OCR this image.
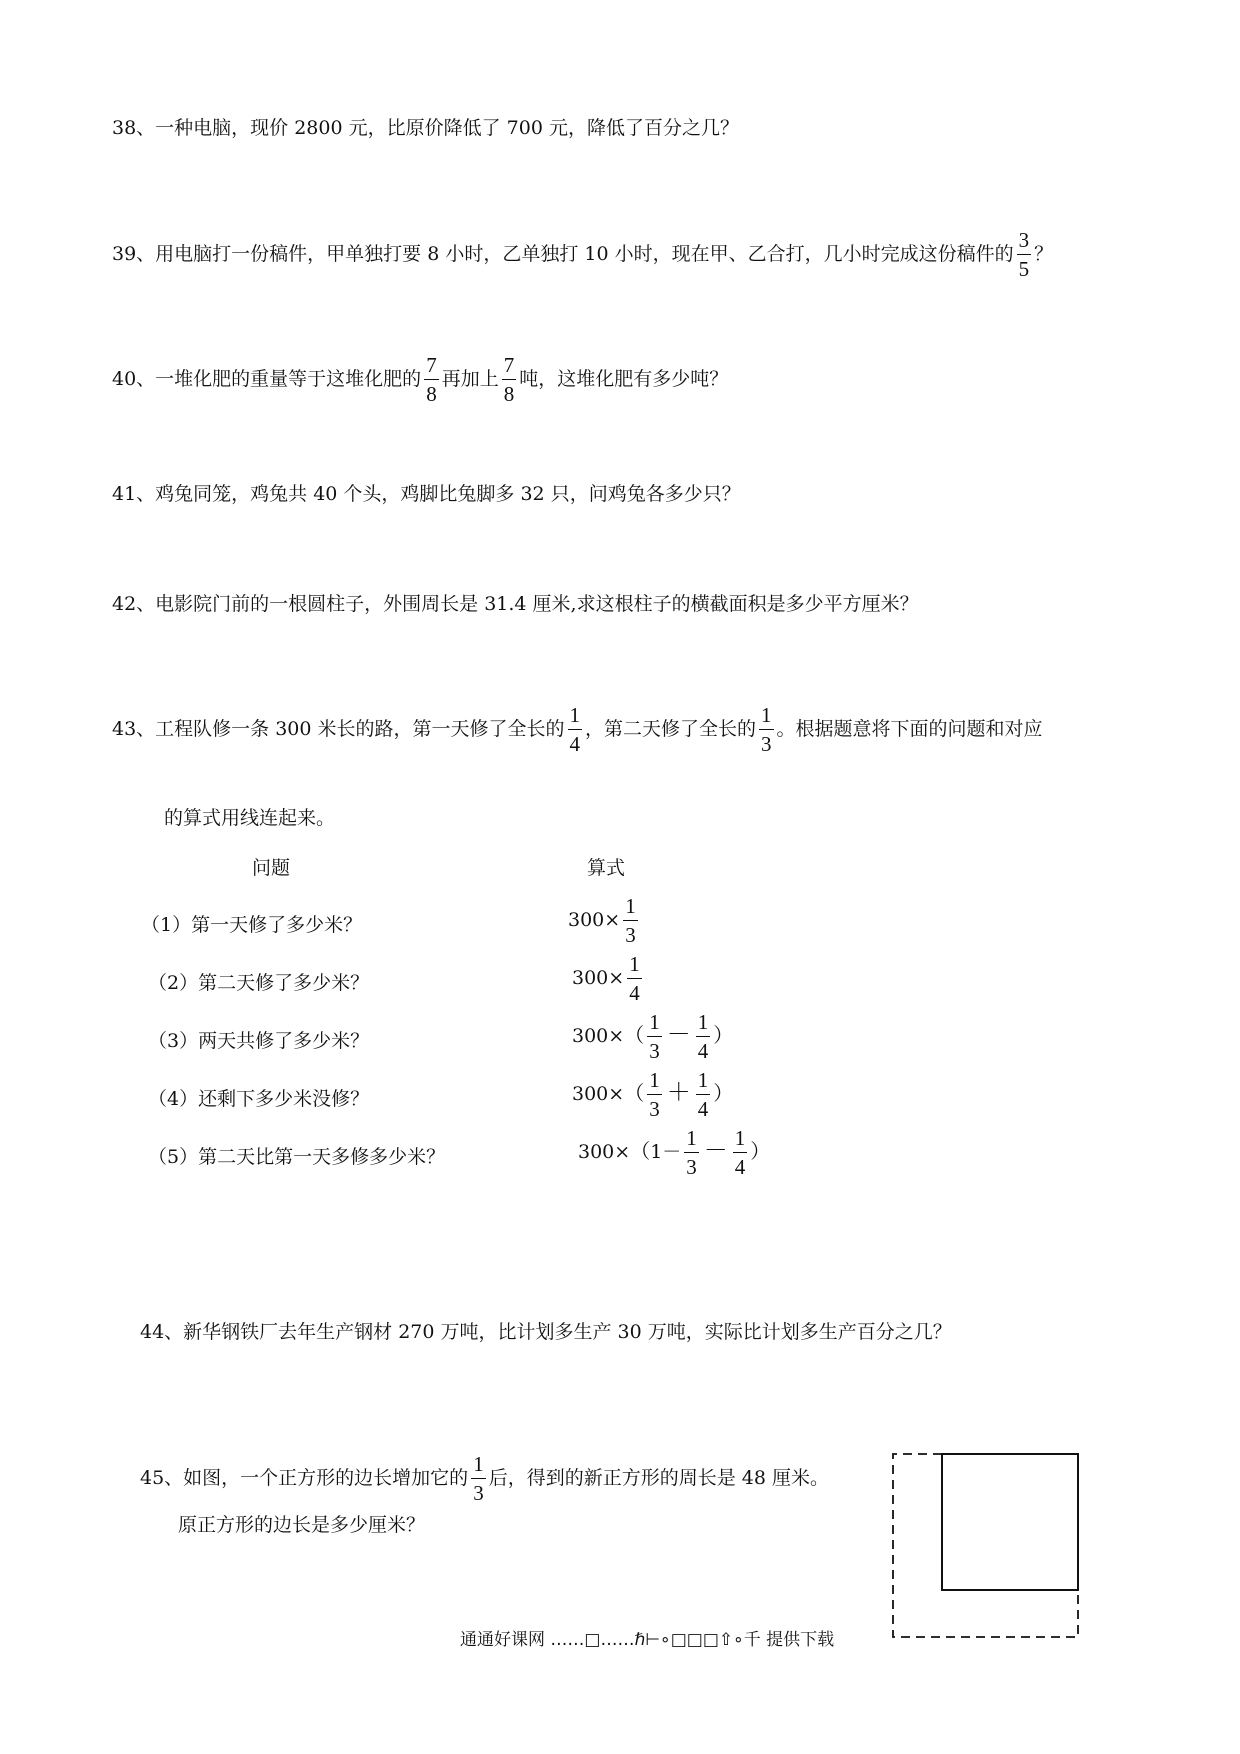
38、一种电脑，现价 2800 元，比原价降低了 700 元，降低了百分之几？
39、用电脑打一份稿件，甲单独打要 8 小时，乙单独打 10 小时，现在甲、乙合打，几小时完成这份稿件的 $\frac{3}{5}$ ？
40、一堆化肥的重量等于这堆化肥的 $\frac{7}{8}$ 再加上 $\frac{7}{8}$ 吨，这堆化肥有多少吨？
41、鸡兔同笼，鸡兔共 40 个头，鸡脚比兔脚多 32 只，问鸡兔各多少只？
42、电影院门前的一根圆柱子，外围周长是 31.4 厘米,求这根柱子的横截面积是多少平方厘米？
43、工程队修一条 300 米长的路，第一天修了全长的 $\frac{1}{4}$ ，第二天修了全长的 $\frac{1}{3}$ 。根据题意将下面的问题和对应
的算式用线连起来。
问题	算式
（1）第一天修了多少米？
（2）第二天修了多少米？
（3）两天共修了多少米？
（4）还剩下多少米没修？
（5）第二天比第一天多修多少米？
$300\times \frac{1}{3}$
$300\times \frac{1}{4}$
$300\times( \frac{1}{3} - \frac{1}{4}$ ）
$300\times( \frac{1}{3} + \frac{1}{4}$ ）
$300\times(1- \frac{1}{3} - \frac{1}{4}$ ）
44、新华钢铁厂去年生产钢材 270 万吨，比计划多生产 30 万吨，实际比计划多生产百分之几？
45、如图，一个正方形的边长增加它的 $\frac{1}{3}$ 后，得到的新正方形的周长是 48 厘米。
原正方形的边长是多少厘米？
通通好课网 ……□……ℏ⊢∘□□□⇧∘千 提供下载
